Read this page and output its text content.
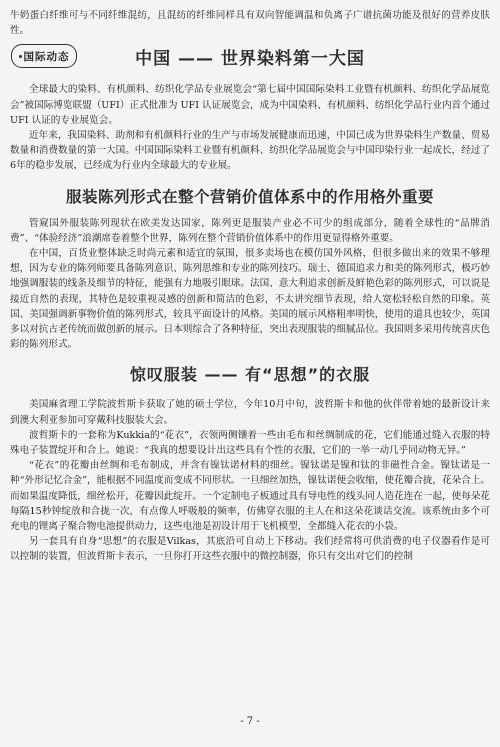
牛奶蛋白纤维可与不同纤维混纺，且混纺的纤维同样具有双向智能调温和负离子广谱抗菌功能及很好的营养皮肤性。

国际动态	中国 —— 世界染料第一大国

全球最大的染料、有机颜料、纺织化学品专业展览会“第七届中国国际染料工业暨有机颜料、纺织化学品展览会”被国际博览联盟（UFI）正式批准为 UFI 认证展览会，成为中国染料、有机颜料、纺织化学品行业内首个通过 UFI 认证的专业展览会。

近年来，我国染料、助剂和有机颜料行业的生产与市场发展健康而迅速，中国已成为世界染料生产数量、贸易数量和消费数量的第一大国。中国国际染料工业暨有机颜料、纺织化学品展览会与中国印染行业一起成长，经过了6年的稳步发展，已经成为行业内全球最大的专业展。

服装陈列形式在整个营销价值体系中的作用格外重要

管窥国外服装陈列现状在欧美发达国家，陈列更是服装产业必不可少的组成部分，随着全球性的“品牌消费”、“体验经济”浪潮席卷着整个世界，陈列在整个营销价值体系中的作用更显得格外重要。

在中国，百货业整体缺乏时尚元素和适宜的氛围，很多卖场也在模仿国外风格，但很多做出来的效果不够理想，因为专业的陈列师要具备陈列意识、陈列思维和专业的陈列技巧。瑞士、德国追求力和美的陈列形式，极巧妙地强调服装的线条及细节的特征，能强有力地吸引眼球。法国、意大利追求创新及鲜艳色彩的陈列形式，可以说是接近自然的表现，其特色是较重视灵感的创新和简洁的色彩，不太讲究细节表现，给人宽松轻松自然的印象。英国、美国强调新事物价值的陈列形式，较具平面设计的风格。美国的展示风格粗率明快，使用的道具也较少，英国多以对抗古老传统而做创新的展示。日本则综合了各种特征，突出表现服装的细腻品位。我国则多采用传统喜庆色彩的陈列形式。

惊叹服装 —— 有“思想”的衣服

美国麻省理工学院波哲斯卡获取了她的硕士学位，今年10月中旬，波哲斯卡和他的伙伴带着她的最新设计来到澳大利亚参加可穿戴科技服装大会。

波哲斯卡的一套称为Kukkia的“花衣”，衣领两侧镶着一些由毛布和丝绸制成的花，它们能通过缝入衣服的特殊电子装置绽开和合上。她说：“我真的想要设计出这些具有个性的衣服，它们的一举一动几乎同动物无异。”

“花衣”的花瓣由丝绸和毛布制成，并含有镍钛诺材料的细丝。镍钛诺是镍和钛的非磁性合金。镍钛诺是一种“外形记忆合金”，能根据不同温度而变成不同形状。一旦细丝加热，镍钛诺便会收缩，使花瓣合拢，花朵合上。而如果温度降低，细丝松开，花瓣因此绽开。一个定制电子板通过具有导电性的线头同人造花连在一起，使每朵花每隔15秒钟绽放和合拢一次，有点像人呼吸般的频率，仿佛穿衣服的主人在和这朵花谈话交流。该系统由多个可充电的锂离子聚合物电池提供动力，这些电池是初设计用于飞机模型，全都缝入花衣的小袋。

另一套具有自身“思想”的衣服是Vilkas，其底沿可自动上下移动。我们经常将可供消费的电子仪器看作是可以控制的装置，但波哲斯卡表示，一旦你打开这些衣服中的微控制器，你只有交出对它们的控制

- 7 -
